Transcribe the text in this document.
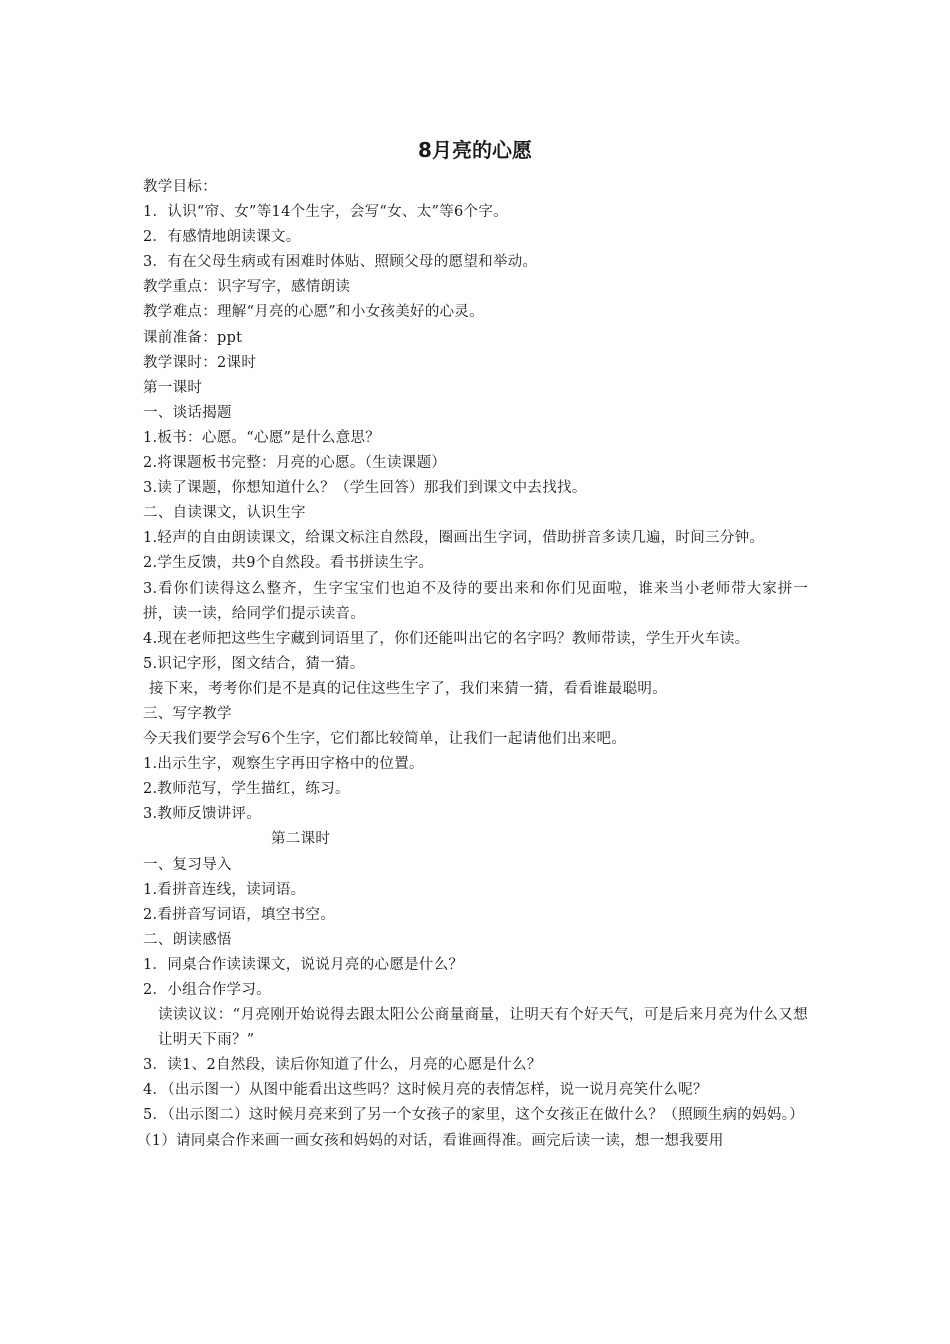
8月亮的心愿
教学目标：
1．认识“帘、女”等14个生字，会写“女、太”等6个字。
2．有感情地朗读课文。
3．有在父母生病或有困难时体贴、照顾父母的愿望和举动。
教学重点：识字写字，感情朗读
教学难点：理解“月亮的心愿”和小女孩美好的心灵。
课前准备：ppt
教学课时：2课时
第一课时
一、谈话揭题
1.板书：心愿。“心愿”是什么意思？
2.将课题板书完整：月亮的心愿。（生读课题）
3.读了课题，你想知道什么？（学生回答）那我们到课文中去找找。
二、自读课文，认识生字
1.轻声的自由朗读课文，给课文标注自然段，圈画出生字词，借助拼音多读几遍，时间三分钟。
2.学生反馈，共9个自然段。看书拼读生字。
3.看你们读得这么整齐，生字宝宝们也迫不及待的要出来和你们见面啦，谁来当小老师带大家拼一拼，读一读，给同学们提示读音。
4.现在老师把这些生字藏到词语里了，你们还能叫出它的名字吗？教师带读，学生开火车读。
5.识记字形，图文结合，猜一猜。
接下来，考考你们是不是真的记住这些生字了，我们来猜一猜，看看谁最聪明。
三、写字教学
今天我们要学会写6个生字，它们都比较简单，让我们一起请他们出来吧。
1.出示生字，观察生字再田字格中的位置。
2.教师范写，学生描红，练习。
3.教师反馈讲评。
第二课时
一、复习导入
1.看拼音连线，读词语。
2.看拼音写词语，填空书空。
二、朗读感悟
1．同桌合作读读课文，说说月亮的心愿是什么？
2．小组合作学习。
读读议议：“月亮刚开始说得去跟太阳公公商量商量，让明天有个好天气，可是后来月亮为什么又想让明天下雨？”
3．读1、2自然段，读后你知道了什么，月亮的心愿是什么？
4．（出示图一）从图中能看出这些吗？这时候月亮的表情怎样，说一说月亮笑什么呢？
5．（出示图二）这时候月亮来到了另一个女孩子的家里，这个女孩正在做什么？（照顾生病的妈妈。）
（1）请同桌合作来画一画女孩和妈妈的对话，看谁画得准。画完后读一读，想一想我要用
